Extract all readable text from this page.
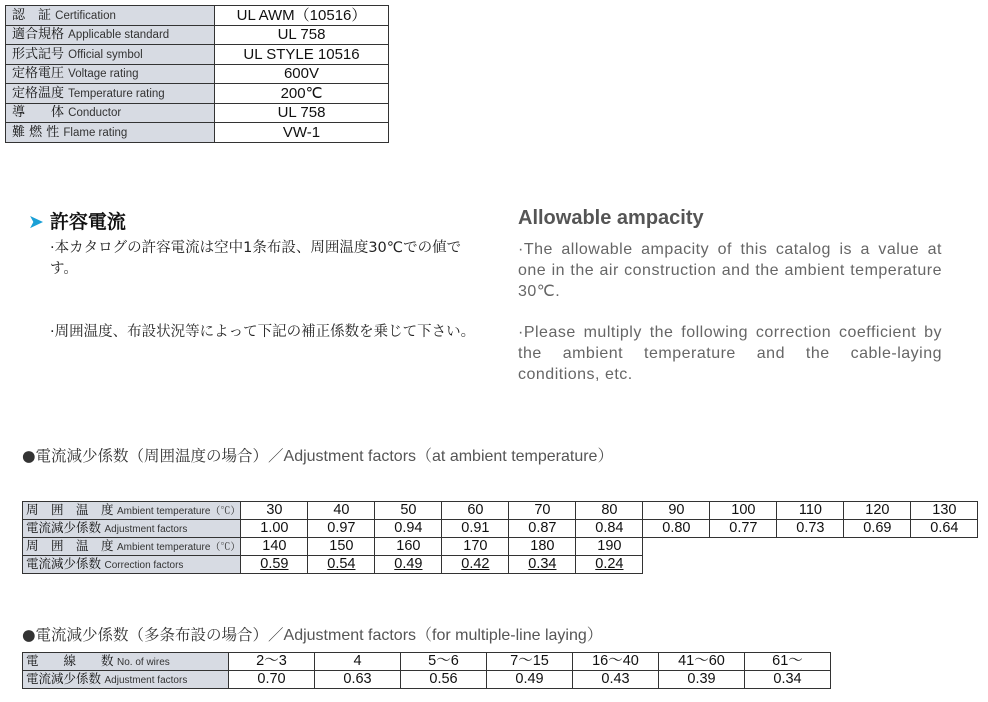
認　証 Certification	UL AWM（10516）
適合規格 Applicable standard	UL 758
形式記号 Official symbol	UL STYLE 10516
定格電圧 Voltage rating	600V
定格温度 Temperature rating	200℃
導　　体 Conductor	UL 758
難 燃 性 Flame rating	VW-1
➤ 許容電流	Allowable ampacity
·本カタログの許容電流は空中1条布設、周囲温度30℃での値です。
·The allowable ampacity of this catalog is a value at one in the air construction and the ambient temperature 30℃.
·周囲温度、布設状況等によって下記の補正係数を乗じて下さい。	·Please multiply the following correction coefficient by the ambient temperature and the cable-laying conditions, etc.
●電流減少係数（周囲温度の場合）／Adjustment factors（at ambient temperature）
周　囲　温　度 Ambient temperature（℃）	30	40	50	60	70	80	90	100	110	120	130
電流減少係数 Adjustment factors	1.00	0.97	0.94	0.91	0.87	0.84	0.80	0.77	0.73	0.69	0.64
周　囲　温　度 Ambient temperature（℃）	140	150	160	170	180	190					
電流減少係数 Correction factors	0.59	0.54	0.49	0.42	0.34	0.24					
●電流減少係数（多条布設の場合）／Adjustment factors（for multiple-line laying）
電　　線　　数 No. of wires	2〜3	4	5〜6	7〜15	16〜40	41〜60	61〜
電流減少係数 Adjustment factors	0.70	0.63	0.56	0.49	0.43	0.39	0.34
